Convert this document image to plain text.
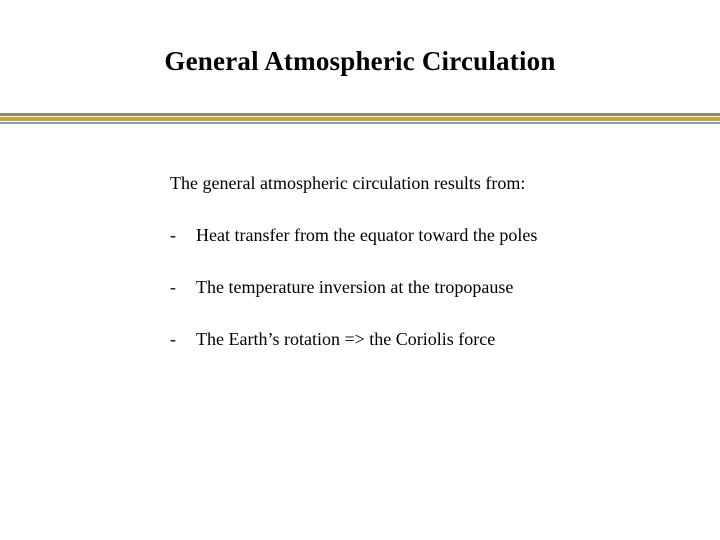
General Atmospheric Circulation
The general atmospheric circulation results from:
- Heat transfer from the equator toward the poles
- The temperature inversion at the tropopause
- The Earth’s rotation => the Coriolis force
